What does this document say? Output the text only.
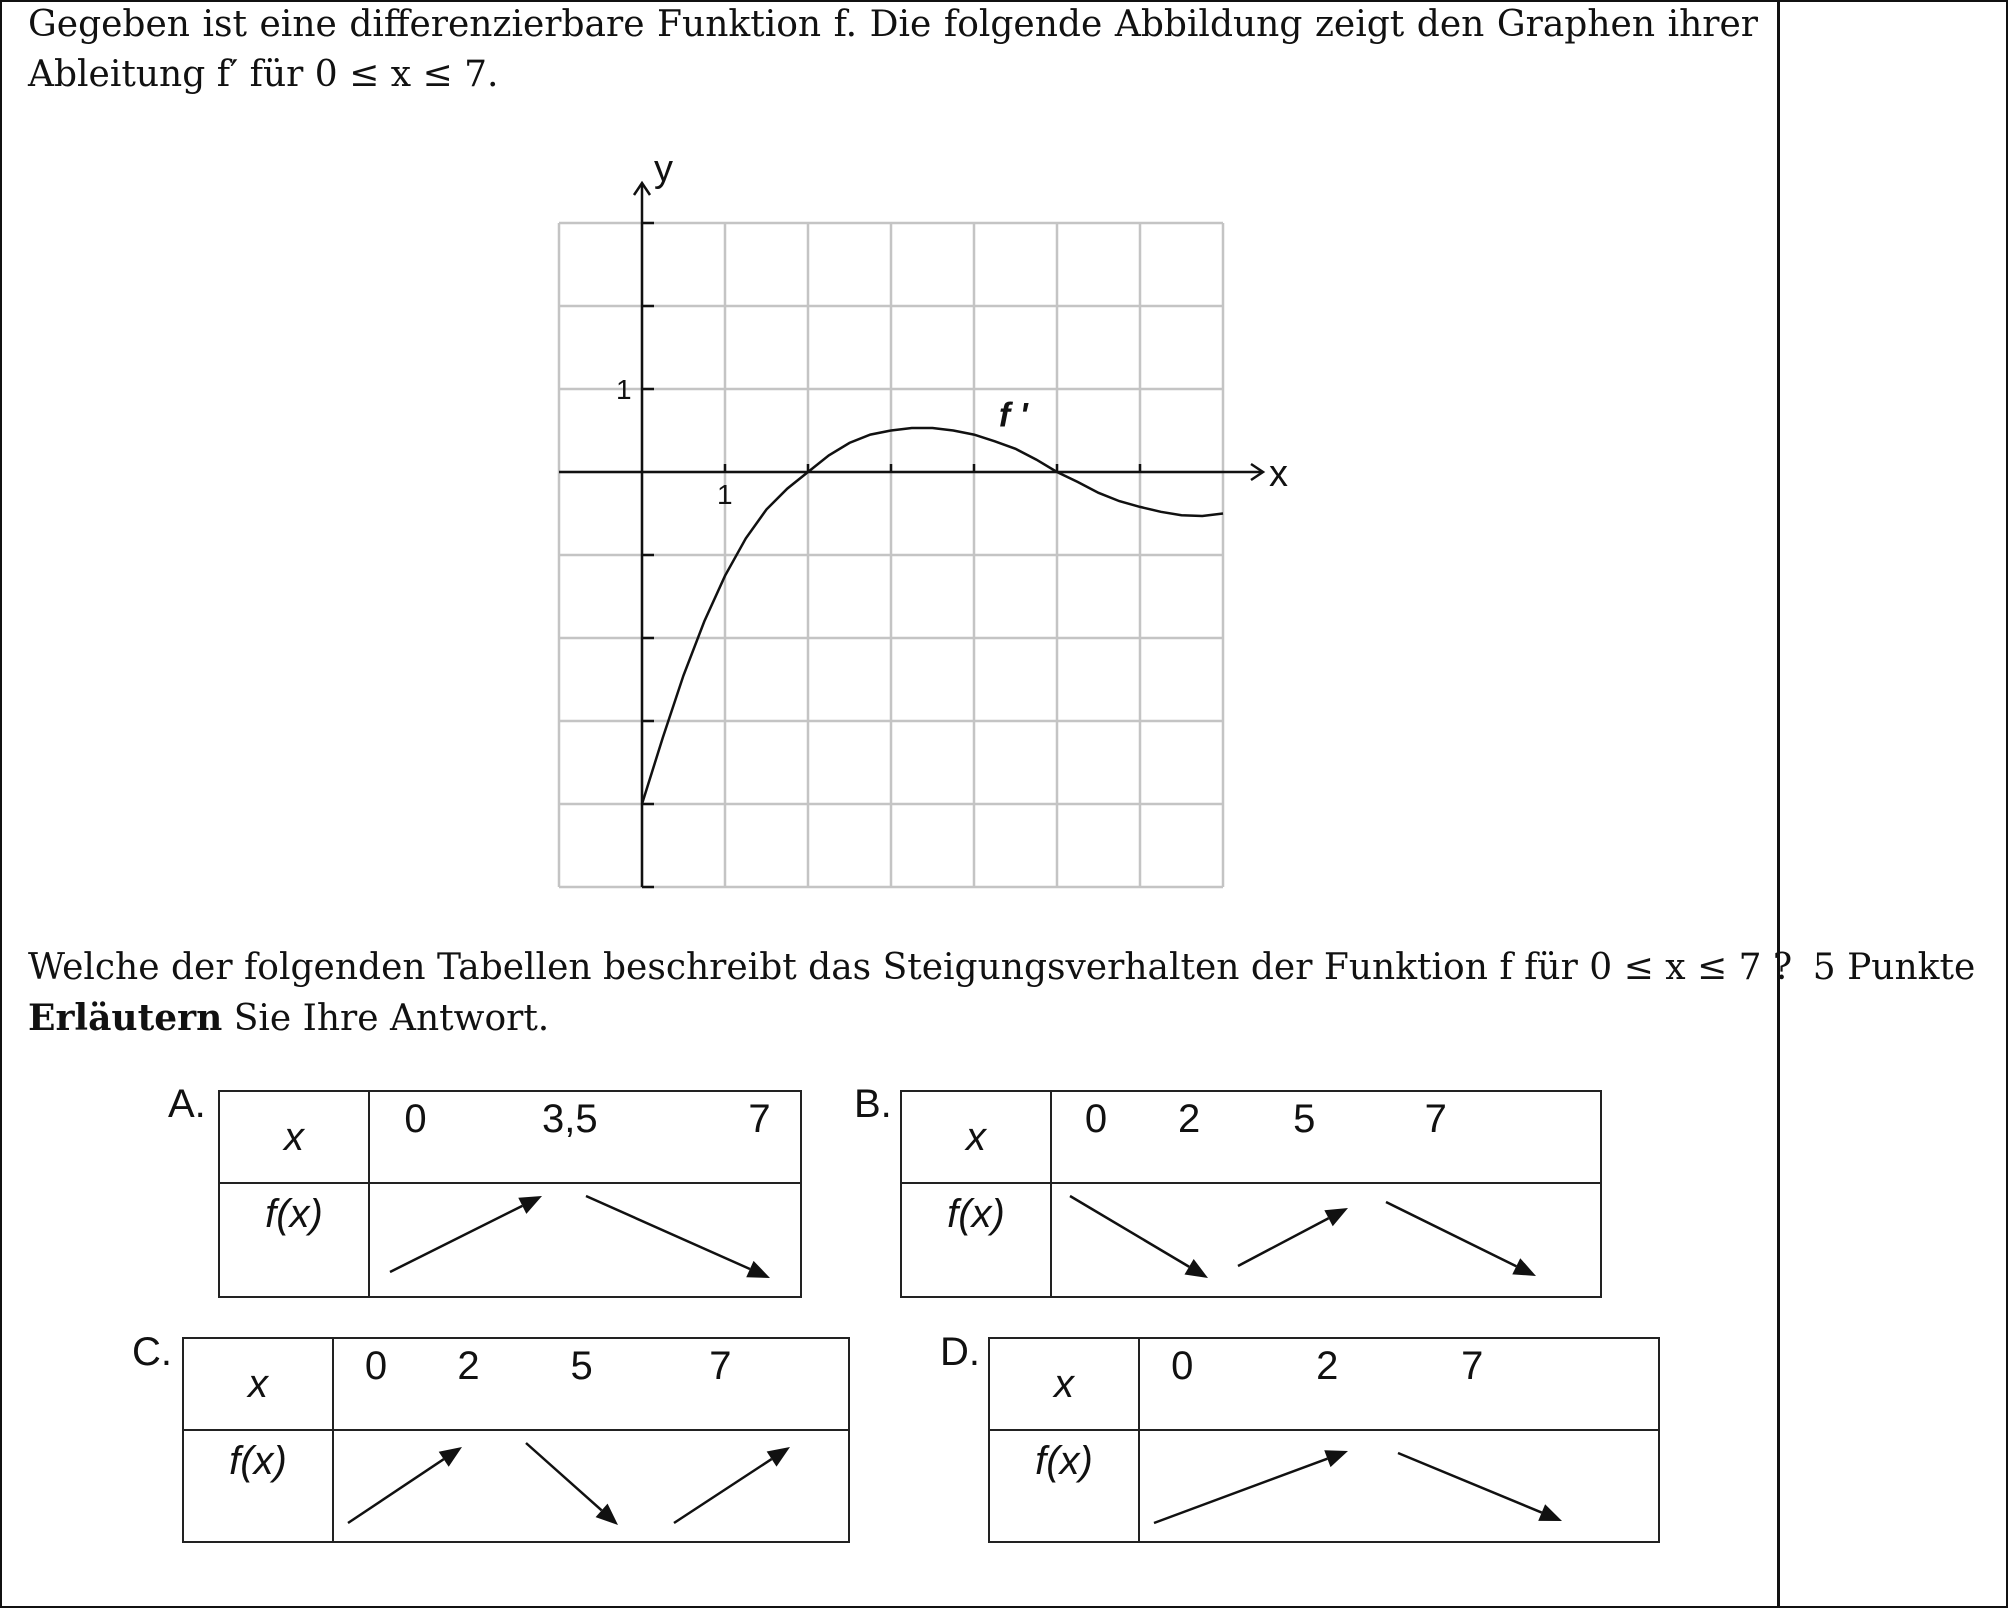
Gegeben ist eine differenzierbare Funktion f. Die folgende Abbildung zeigt den Graphen ihrer
Ableitung f′ für 0 ≤ x ≤ 7.
f '
x
y
1
1
Welche der folgenden Tabellen beschreibt das Steigungsverhalten der Funktion f für 0 ≤ x ≤ 7 ?
Erläutern Sie Ihre Antwort.
5 Punkte
A.
x	0 3,5 7

f(x)	
B.
x	0 2 5 7

f(x)	
C.
x	0 2 5 7

f(x)	
D.
x	0 2 7

f(x)	
